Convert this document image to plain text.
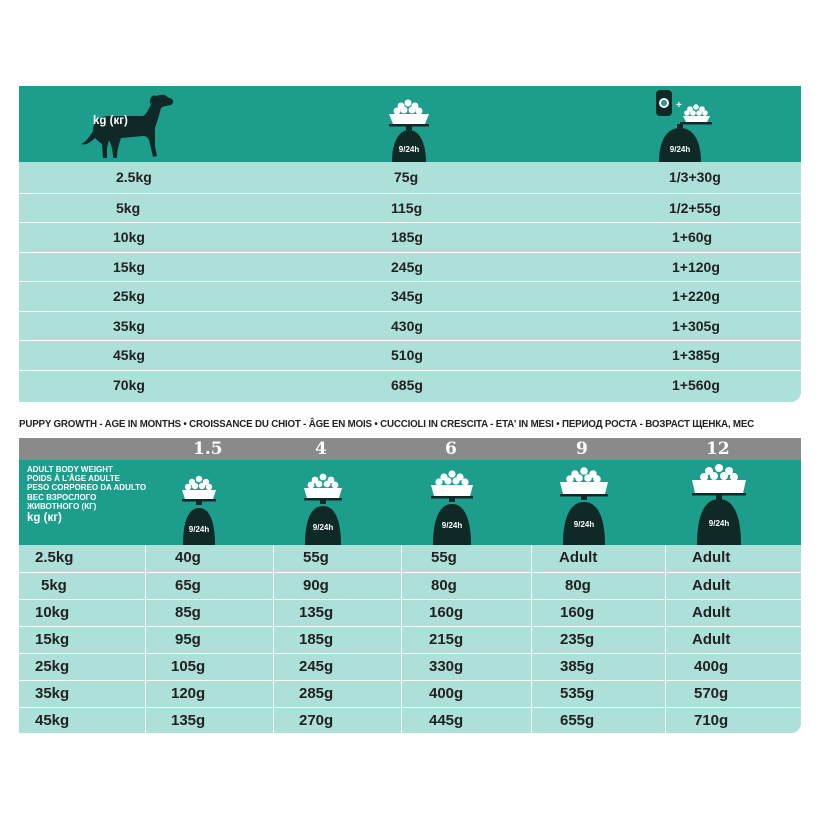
kg (кг)
9/24h
+
9/24h
2.5kg	75g	1/3+30g
5kg	115g	1/2+55g
10kg	185g	1+60g
15kg	245g	1+120g
25kg	345g	1+220g
35kg	430g	1+305g
45kg	510g	1+385g
70kg	685g	1+560g
PUPPY GROWTH - AGE IN MONTHS • CROISSANCE DU CHIOT - ÂGE EN MOIS • CUCCIOLI IN CRESCITA - ETA' IN MESI • ПЕРИОД РОСТА - ВОЗРАСТ ЩЕНКА, МЕС
1.5	4	6	9	12
ADULT BODY WEIGHT
POIDS À L'ÂGE ADULTE
PESO CORPOREO DA ADULTO
ВЕС ВЗРОСЛОГО
ЖИВОТНОГО (КГ)
kg (кг)
9/24h	9/24h	9/24h	9/24h	9/24h
2.5kg	40g	55g	55g	Adult	Adult
5kg	65g	90g	80g	80g	Adult
10kg	85g	135g	160g	160g	Adult
15kg	95g	185g	215g	235g	Adult
25kg	105g	245g	330g	385g	400g
35kg	120g	285g	400g	535g	570g
45kg	135g	270g	445g	655g	710g
